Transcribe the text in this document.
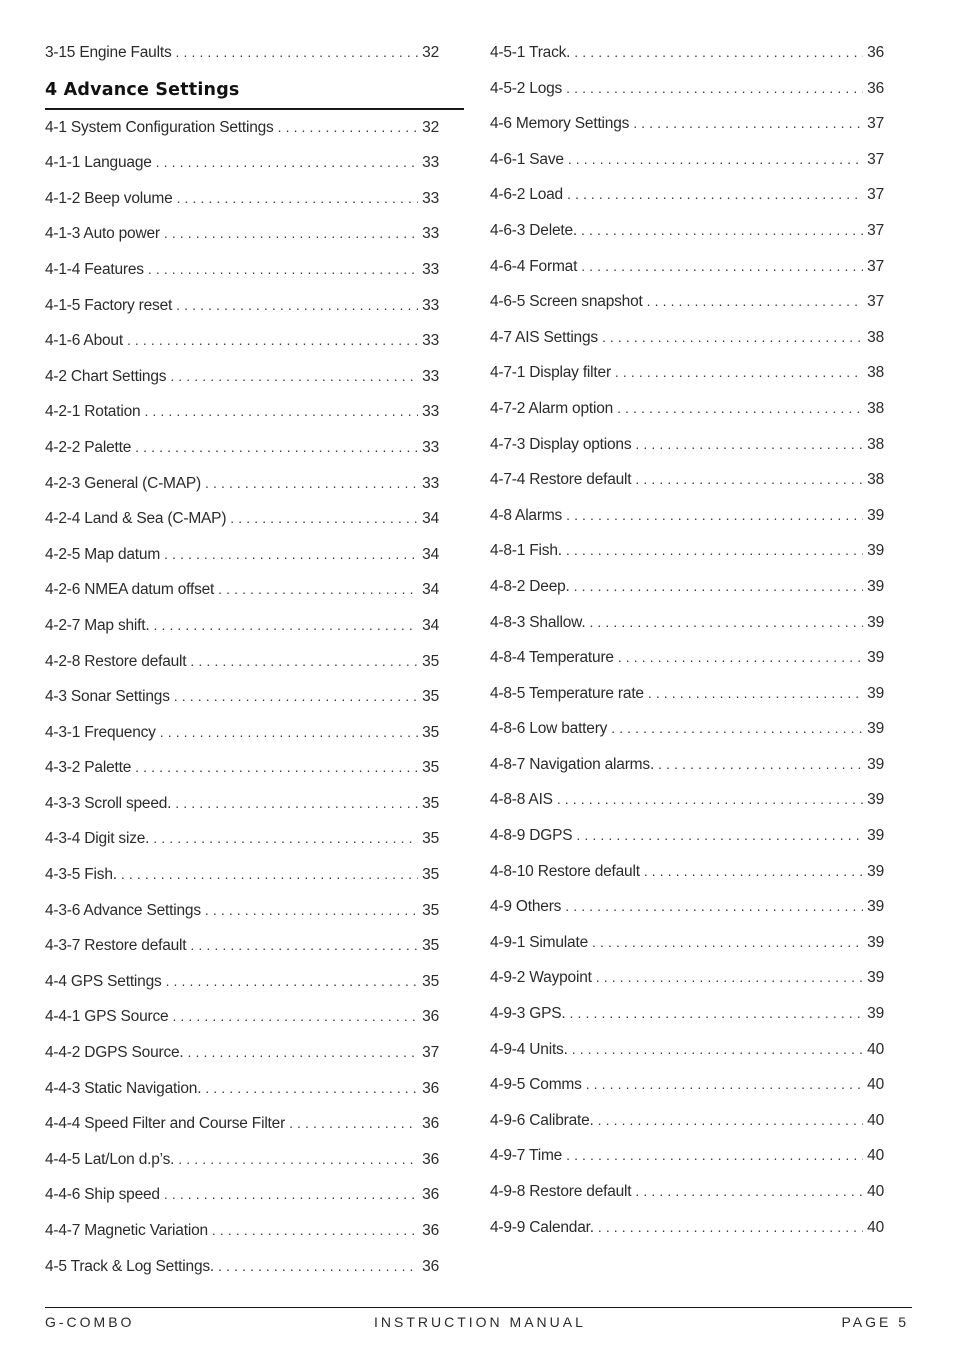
3-15 Engine Faults . . .	32
4 Advance Settings
4-1 System Configuration Settings . . .	32
4-1-1 Language . . .	33
4-1-2 Beep volume . . .	33
4-1-3 Auto power . . .	33
4-1-4 Features . . .	33
4-1-5 Factory reset . . .	33
4-1-6 About . . .	33
4-2 Chart Settings . . .	33
4-2-1 Rotation . . .	33
4-2-2 Palette . . .	33
4-2-3 General (C-MAP) . . .	33
4-2-4 Land & Sea (C-MAP) . . .	34
4-2-5 Map datum . . .	34
4-2-6 NMEA datum offset . . .	34
4-2-7 Map shift. . . .	34
4-2-8 Restore default . . .	35
4-3 Sonar Settings . . .	35
4-3-1 Frequency . . .	35
4-3-2 Palette . . .	35
4-3-3 Scroll speed. . . .	35
4-3-4 Digit size. . . .	35
4-3-5 Fish. . . .	35
4-3-6 Advance Settings . . .	35
4-3-7 Restore default . . .	35
4-4 GPS Settings . . .	35
4-4-1 GPS Source . . .	36
4-4-2 DGPS Source. . . .	37
4-4-3 Static Navigation. . . .	36
4-4-4 Speed Filter and Course Filter . . .	36
4-4-5 Lat/Lon d.p’s. . . .	36
4-4-6 Ship speed . . .	36
4-4-7 Magnetic Variation . . .	36
4-5 Track & Log Settings. . . .	36
4-5-1 Track. . . .	36
4-5-2 Logs . . .	36
4-6 Memory Settings . . .	37
4-6-1 Save . . .	37
4-6-2 Load . . .	37
4-6-3 Delete. . . .	37
4-6-4 Format . . .	37
4-6-5 Screen snapshot . . .	37
4-7 AIS Settings . . .	38
4-7-1 Display filter . . .	38
4-7-2 Alarm option . . .	38
4-7-3 Display options . . .	38
4-7-4 Restore default . . .	38
4-8 Alarms . . .	39
4-8-1 Fish. . . .	39
4-8-2 Deep. . . .	39
4-8-3 Shallow. . . .	39
4-8-4 Temperature . . .	39
4-8-5 Temperature rate . . .	39
4-8-6 Low battery . . .	39
4-8-7 Navigation alarms. . . .	39
4-8-8 AIS . . .	39
4-8-9 DGPS . . .	39
4-8-10 Restore default . . .	39
4-9 Others . . .	39
4-9-1 Simulate . . .	39
4-9-2 Waypoint . . .	39
4-9-3 GPS. . . .	39
4-9-4 Units. . . .	40
4-9-5 Comms . . .	40
4-9-6 Calibrate. . . .	40
4-9-7 Time . . .	40
4-9-8 Restore default . . .	40
4-9-9 Calendar. . . .	40
G-COMBO	INSTRUCTION MANUAL	PAGE 5
